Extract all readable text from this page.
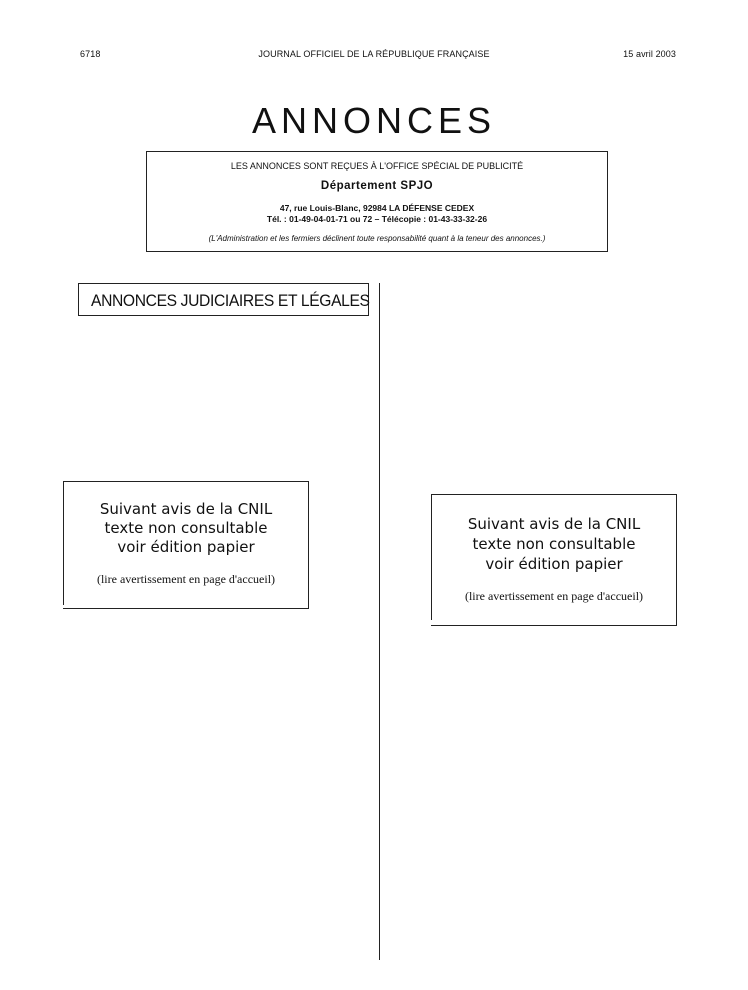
6718	JOURNAL OFFICIEL DE LA RÉPUBLIQUE FRANÇAISE	15 avril 2003
ANNONCES
LES ANNONCES SONT REÇUES À L'OFFICE SPÉCIAL DE PUBLICITÉ
Département SPJO
47, rue Louis-Blanc, 92984 LA DÉFENSE CEDEX
Tél. : 01-49-04-01-71 ou 72 – Télécopie : 01-43-33-32-26
(L'Administration et les fermiers déclinent toute responsabilité quant à la teneur des annonces.)
ANNONCES JUDICIAIRES ET LÉGALES
Suivant avis de la CNIL
texte non consultable
voir édition papier
(lire avertissement en page d'accueil)
Suivant avis de la CNIL
texte non consultable
voir édition papier
(lire avertissement en page d'accueil)
